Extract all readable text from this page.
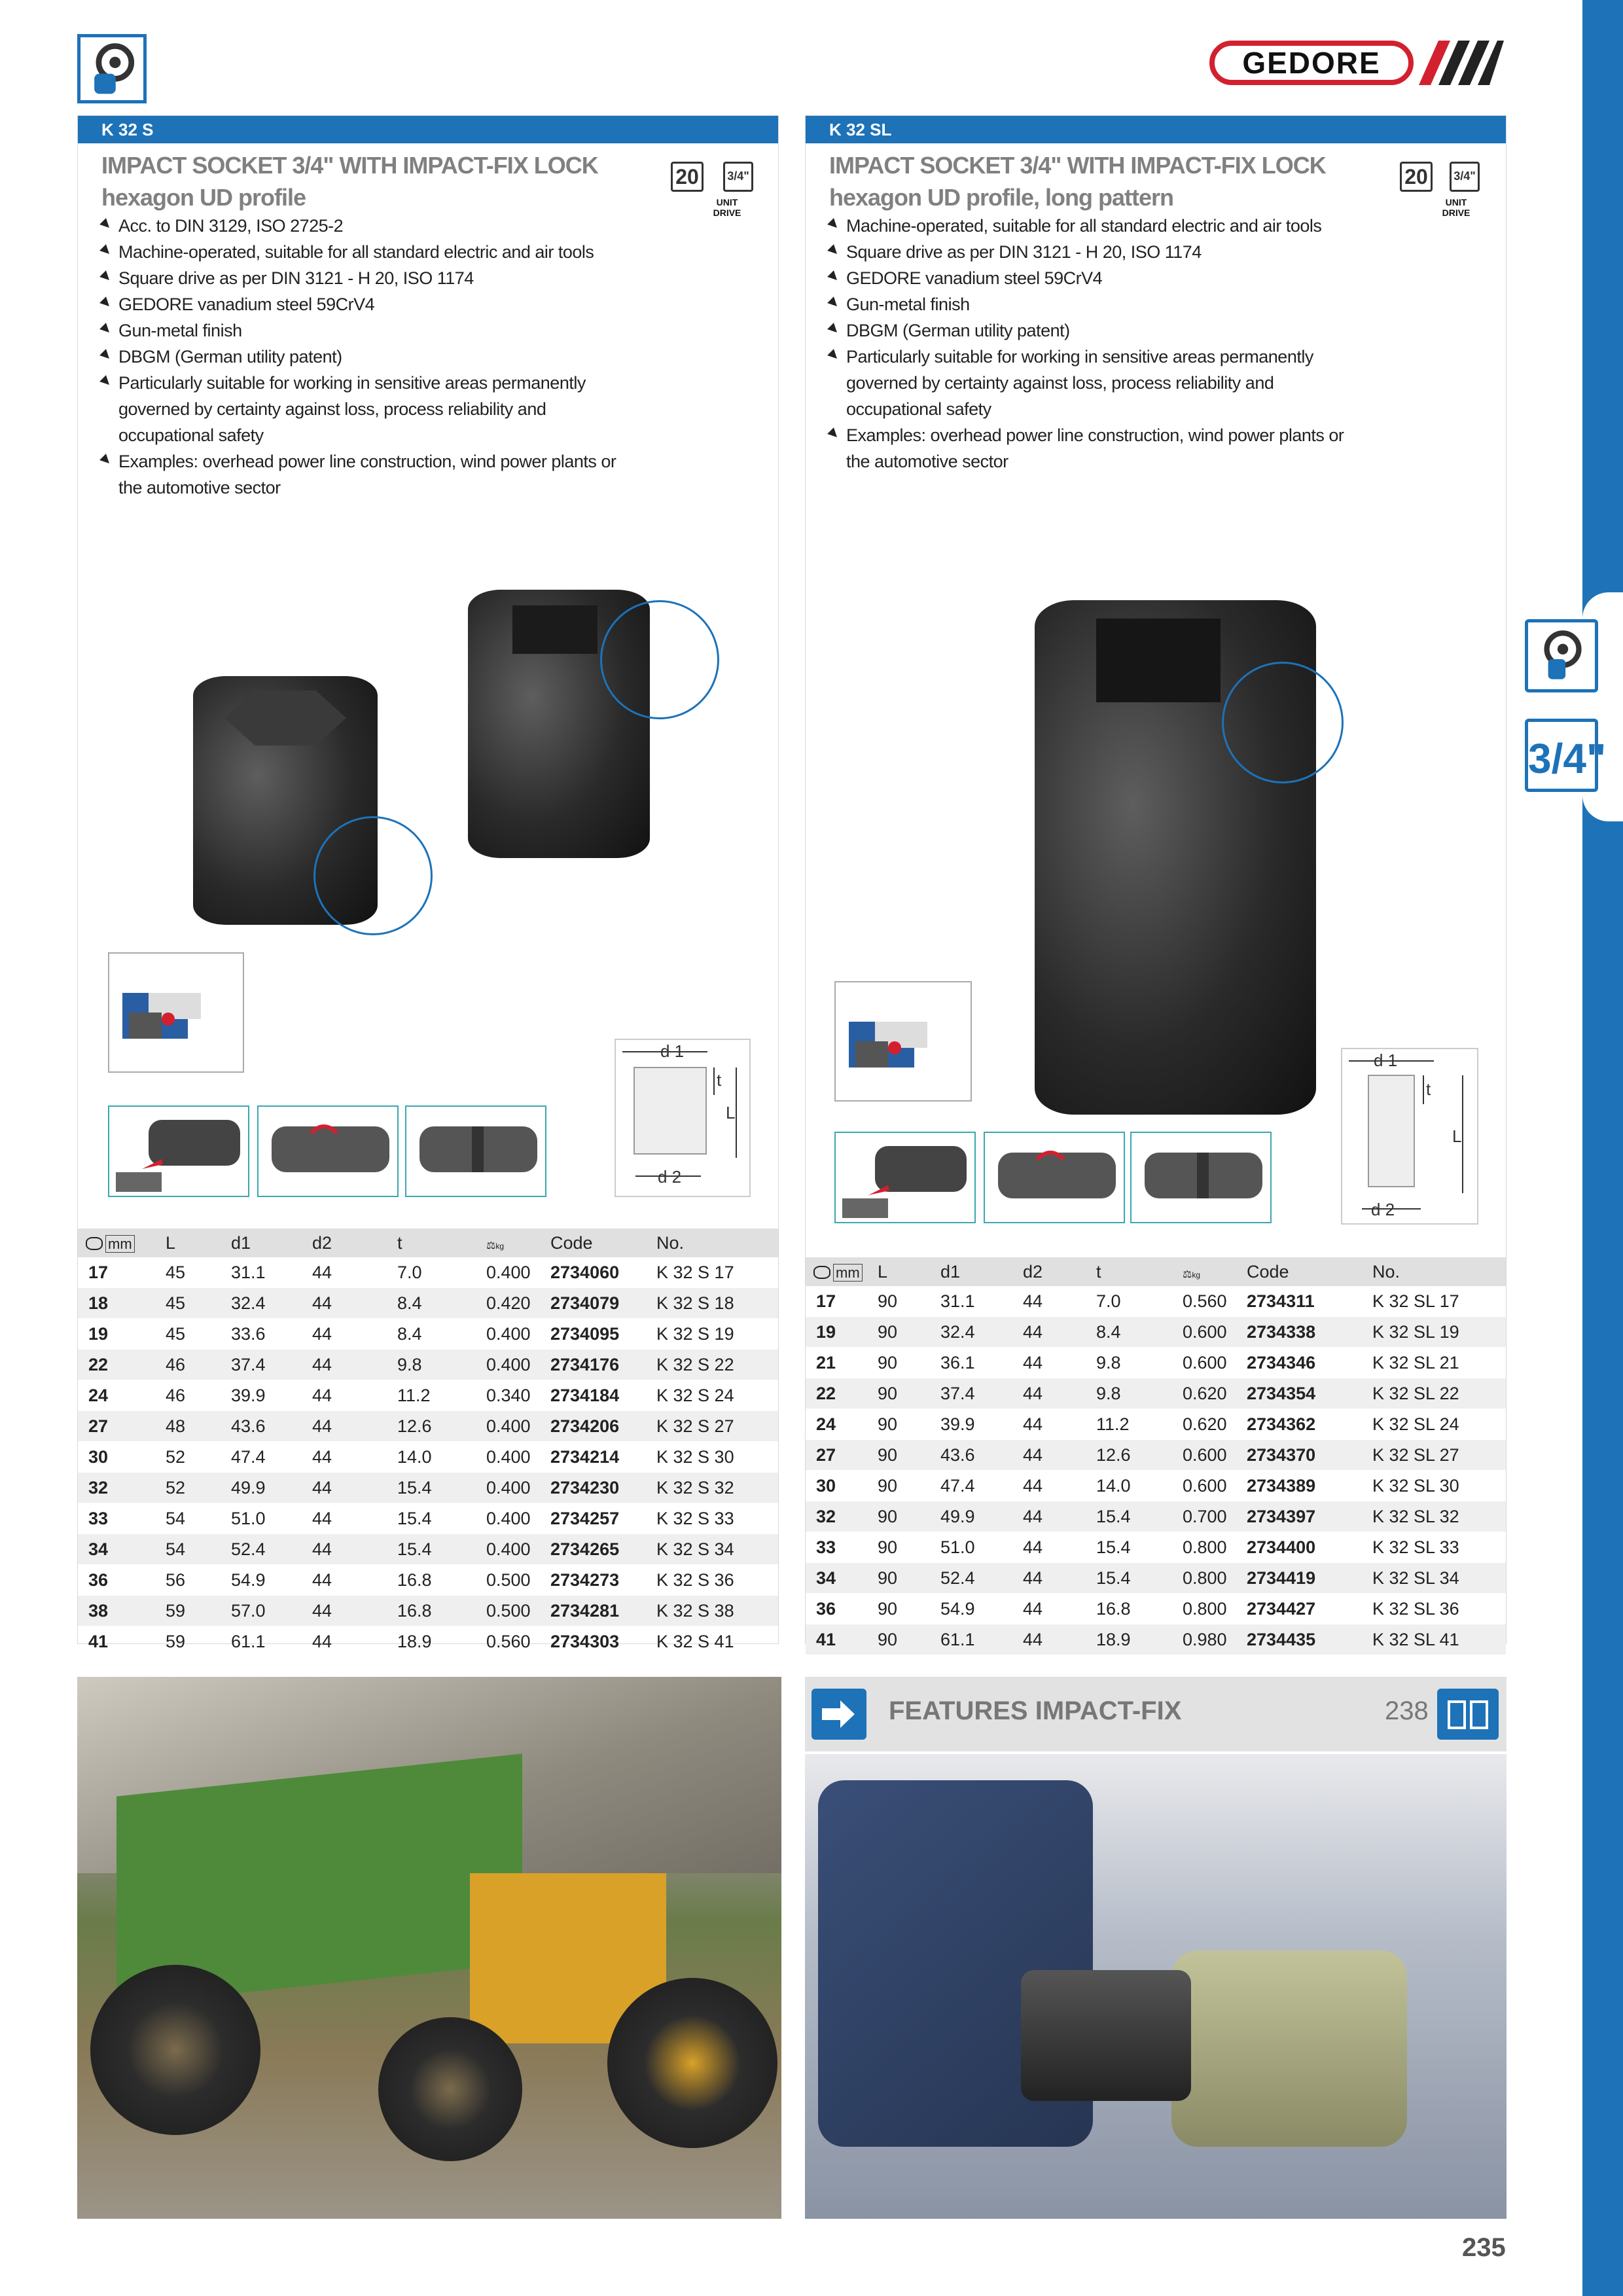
3/4"
GEDORE
K 32 S
IMPACT SOCKET 3/4" WITH IMPACT-FIX LOCK
hexagon UD profile
20	3/4"
UNIT DRIVE
Acc. to DIN 3129, ISO 2725-2
Machine-operated, suitable for all standard electric and air tools
Square drive as per DIN 3121 - H 20, ISO 1174
GEDORE vanadium steel 59CrV4
Gun-metal finish
DBGM (German utility patent)
Particularly suitable for working in sensitive areas permanently governed by certainty against loss, process reliability and occupational safety
Examples: overhead power line construction, wind power plants or the automotive sector
d 1
t
L
d 2
mm	L	d1	d2	t	⚖kg	Code	No.
17	45	31.1	44	7.0	0.400	2734060	K 32 S 17
18	45	32.4	44	8.4	0.420	2734079	K 32 S 18
19	45	33.6	44	8.4	0.400	2734095	K 32 S 19
22	46	37.4	44	9.8	0.400	2734176	K 32 S 22
24	46	39.9	44	11.2	0.340	2734184	K 32 S 24
27	48	43.6	44	12.6	0.400	2734206	K 32 S 27
30	52	47.4	44	14.0	0.400	2734214	K 32 S 30
32	52	49.9	44	15.4	0.400	2734230	K 32 S 32
33	54	51.0	44	15.4	0.400	2734257	K 32 S 33
34	54	52.4	44	15.4	0.400	2734265	K 32 S 34
36	56	54.9	44	16.8	0.500	2734273	K 32 S 36
38	59	57.0	44	16.8	0.500	2734281	K 32 S 38
41	59	61.1	44	18.9	0.560	2734303	K 32 S 41
K 32 SL
IMPACT SOCKET 3/4" WITH IMPACT-FIX LOCK
hexagon UD profile, long pattern
20	3/4"
UNIT DRIVE
Machine-operated, suitable for all standard electric and air tools
Square drive as per DIN 3121 - H 20, ISO 1174
GEDORE vanadium steel 59CrV4
Gun-metal finish
DBGM (German utility patent)
Particularly suitable for working in sensitive areas permanently governed by certainty against loss, process reliability and occupational safety
Examples: overhead power line construction, wind power plants or the automotive sector
d 1
t
L
d 2
mm	L	d1	d2	t	⚖kg	Code	No.
17	90	31.1	44	7.0	0.560	2734311	K 32 SL 17
19	90	32.4	44	8.4	0.600	2734338	K 32 SL 19
21	90	36.1	44	9.8	0.600	2734346	K 32 SL 21
22	90	37.4	44	9.8	0.620	2734354	K 32 SL 22
24	90	39.9	44	11.2	0.620	2734362	K 32 SL 24
27	90	43.6	44	12.6	0.600	2734370	K 32 SL 27
30	90	47.4	44	14.0	0.600	2734389	K 32 SL 30
32	90	49.9	44	15.4	0.700	2734397	K 32 SL 32
33	90	51.0	44	15.4	0.800	2734400	K 32 SL 33
34	90	52.4	44	15.4	0.800	2734419	K 32 SL 34
36	90	54.9	44	16.8	0.800	2734427	K 32 SL 36
41	90	61.1	44	18.9	0.980	2734435	K 32 SL 41
FEATURES IMPACT-FIX	238
235
